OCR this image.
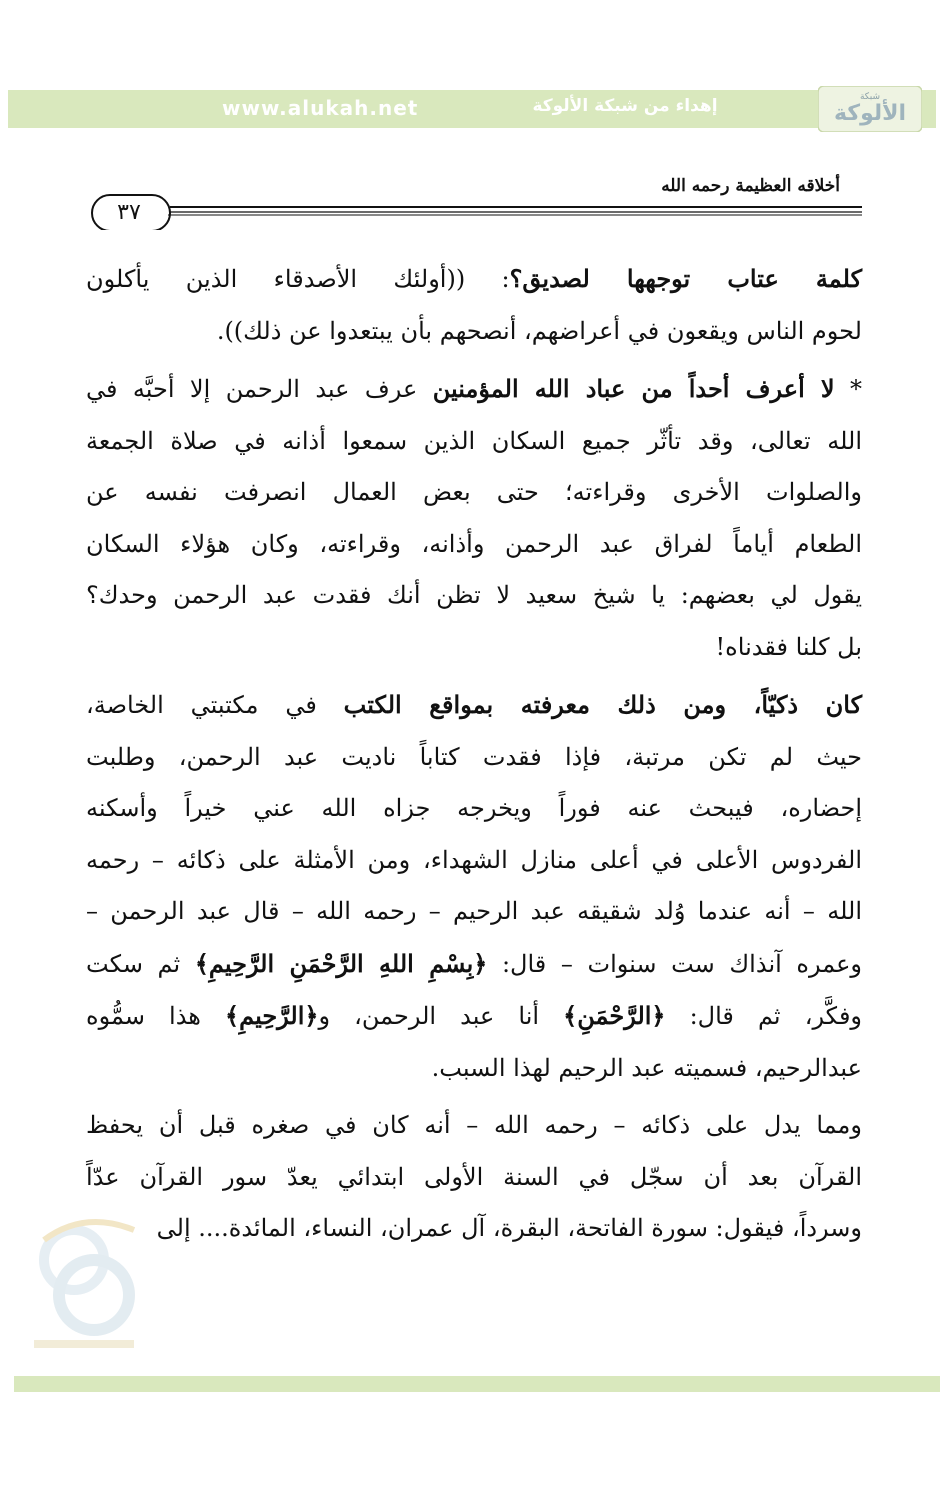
www.alukah.net	إهداء من شبكة الألوكة	شبكة
الألوكة
أخلاقه العظيمة رحمه الله
٣٧
كلمة عتاب توجهها لصديق؟: ((أولئك الأصدقاء الذين يأكلون
لحوم الناس ويقعون في أعراضهم، أنصحهم بأن يبتعدوا عن ذلك)).
* لا أعرف أحداً من عباد الله المؤمنين عرف عبد الرحمن إلا أحبَّه في
الله تعالى، وقد تأثّر جميع السكان الذين سمعوا أذانه في صلاة الجمعة
والصلوات الأخرى وقراءته؛ حتى بعض العمال انصرفت نفسه عن
الطعام أياماً لفراق عبد الرحمن وأذانه، وقراءته، وكان هؤلاء السكان
يقول لي بعضهم: يا شيخ سعيد لا تظن أنك فقدت عبد الرحمن وحدك؟
بل كلنا فقدناه!
كان ذكيّاً، ومن ذلك معرفته بمواقع الكتب في مكتبتي الخاصة،
حيث لم تكن مرتبة، فإذا فقدت كتاباً ناديت عبد الرحمن، وطلبت
إحضاره، فيبحث عنه فوراً ويخرجه جزاه الله عني خيراً وأسكنه
الفردوس الأعلى في أعلى منازل الشهداء، ومن الأمثلة على ذكائه – رحمه
الله – أنه عندما وُلد شقيقه عبد الرحيم – رحمه الله – قال عبد الرحمن –
وعمره آنذاك ست سنوات – قال: ﴿بِسْمِ اللهِ الرَّحْمَنِ الرَّحِيمِ﴾ ثم سكت
وفكَّر، ثم قال: ﴿الرَّحْمَنِ﴾ أنا عبد الرحمن، و﴿الرَّحِيمِ﴾ هذا سمُّوه
عبدالرحيم، فسميته عبد الرحيم لهذا السبب.
ومما يدل على ذكائه – رحمه الله – أنه كان في صغره قبل أن يحفظ
القرآن بعد أن سجّل في السنة الأولى ابتدائي يعدّ سور القرآن عدّاً
وسرداً، فيقول: سورة الفاتحة، البقرة، آل عمران، النساء، المائدة.... إلى
